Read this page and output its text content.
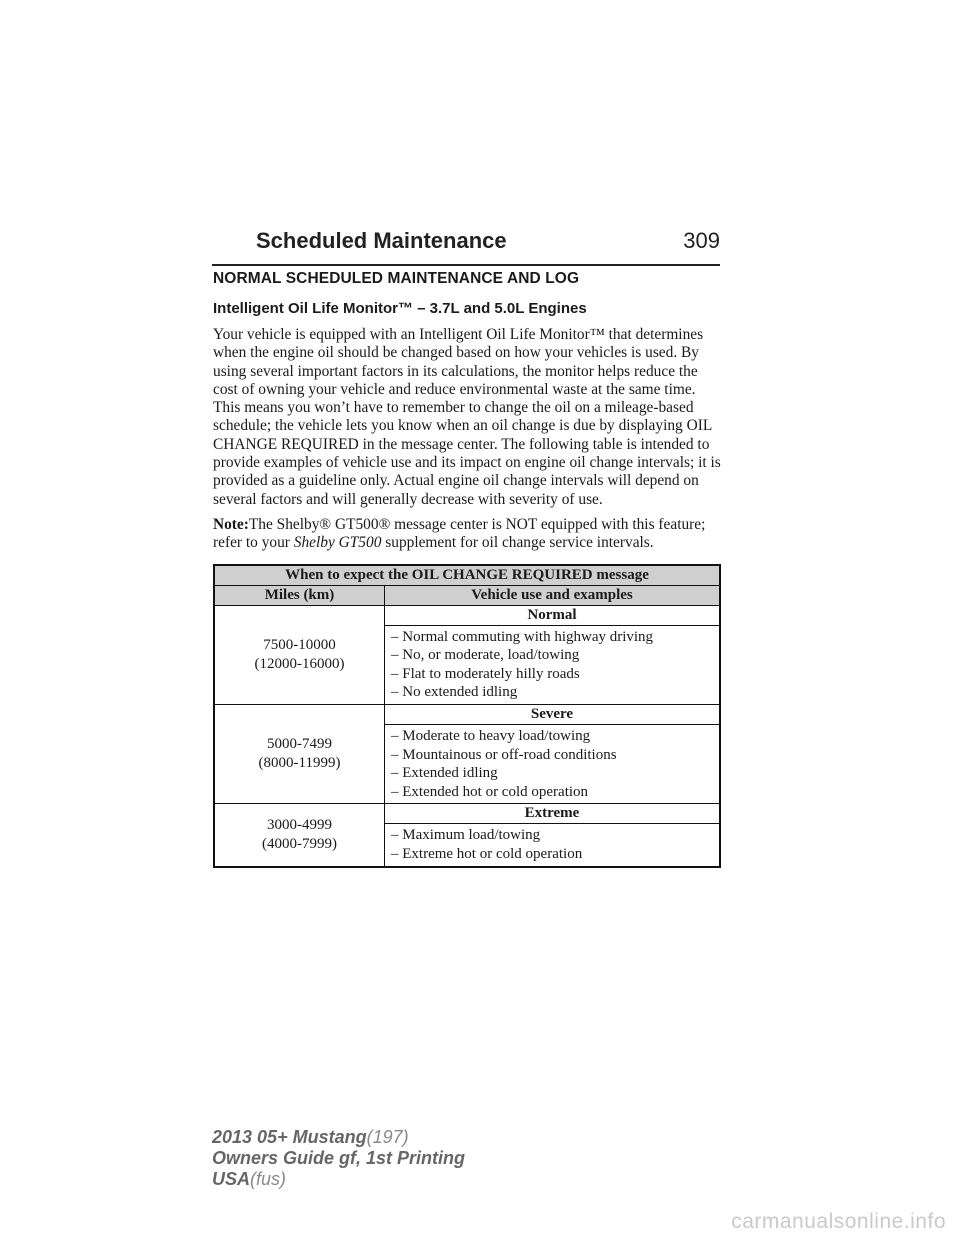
Scheduled Maintenance	309
NORMAL SCHEDULED MAINTENANCE AND LOG
Intelligent Oil Life Monitor™ – 3.7L and 5.0L Engines

Your vehicle is equipped with an Intelligent Oil Life Monitor™ that determines when the engine oil should be changed based on how your vehicles is used. By using several important factors in its calculations, the monitor helps reduce the cost of owning your vehicle and reduce environmental waste at the same time. This means you won’t have to remember to change the oil on a mileage-based schedule; the vehicle lets you know when an oil change is due by displaying OIL CHANGE REQUIRED in the message center. The following table is intended to provide examples of vehicle use and its impact on engine oil change intervals; it is provided as a guideline only. Actual engine oil change intervals will depend on several factors and will generally decrease with severity of use.

Note:The Shelby® GT500® message center is NOT equipped with this feature; refer to your Shelby GT500 supplement for oil change service intervals.

When to expect the OIL CHANGE REQUIRED message	
Miles (km)	Vehicle use and examples

7500-10000
(12000-16000)	Normal

	– Normal commuting with highway driving
– No, or moderate, load/towing
– Flat to moderately hilly roads
– No extended idling

5000-7499
(8000-11999)	Severe

	– Moderate to heavy load/towing
– Mountainous or off-road conditions
– Extended idling
– Extended hot or cold operation

3000-4999
(4000-7999)	Extreme

	– Maximum load/towing
– Extreme hot or cold operation
2013 05+ Mustang(197)
Owners Guide gf, 1st Printing
USA(fus)
carmanualsonline.info
